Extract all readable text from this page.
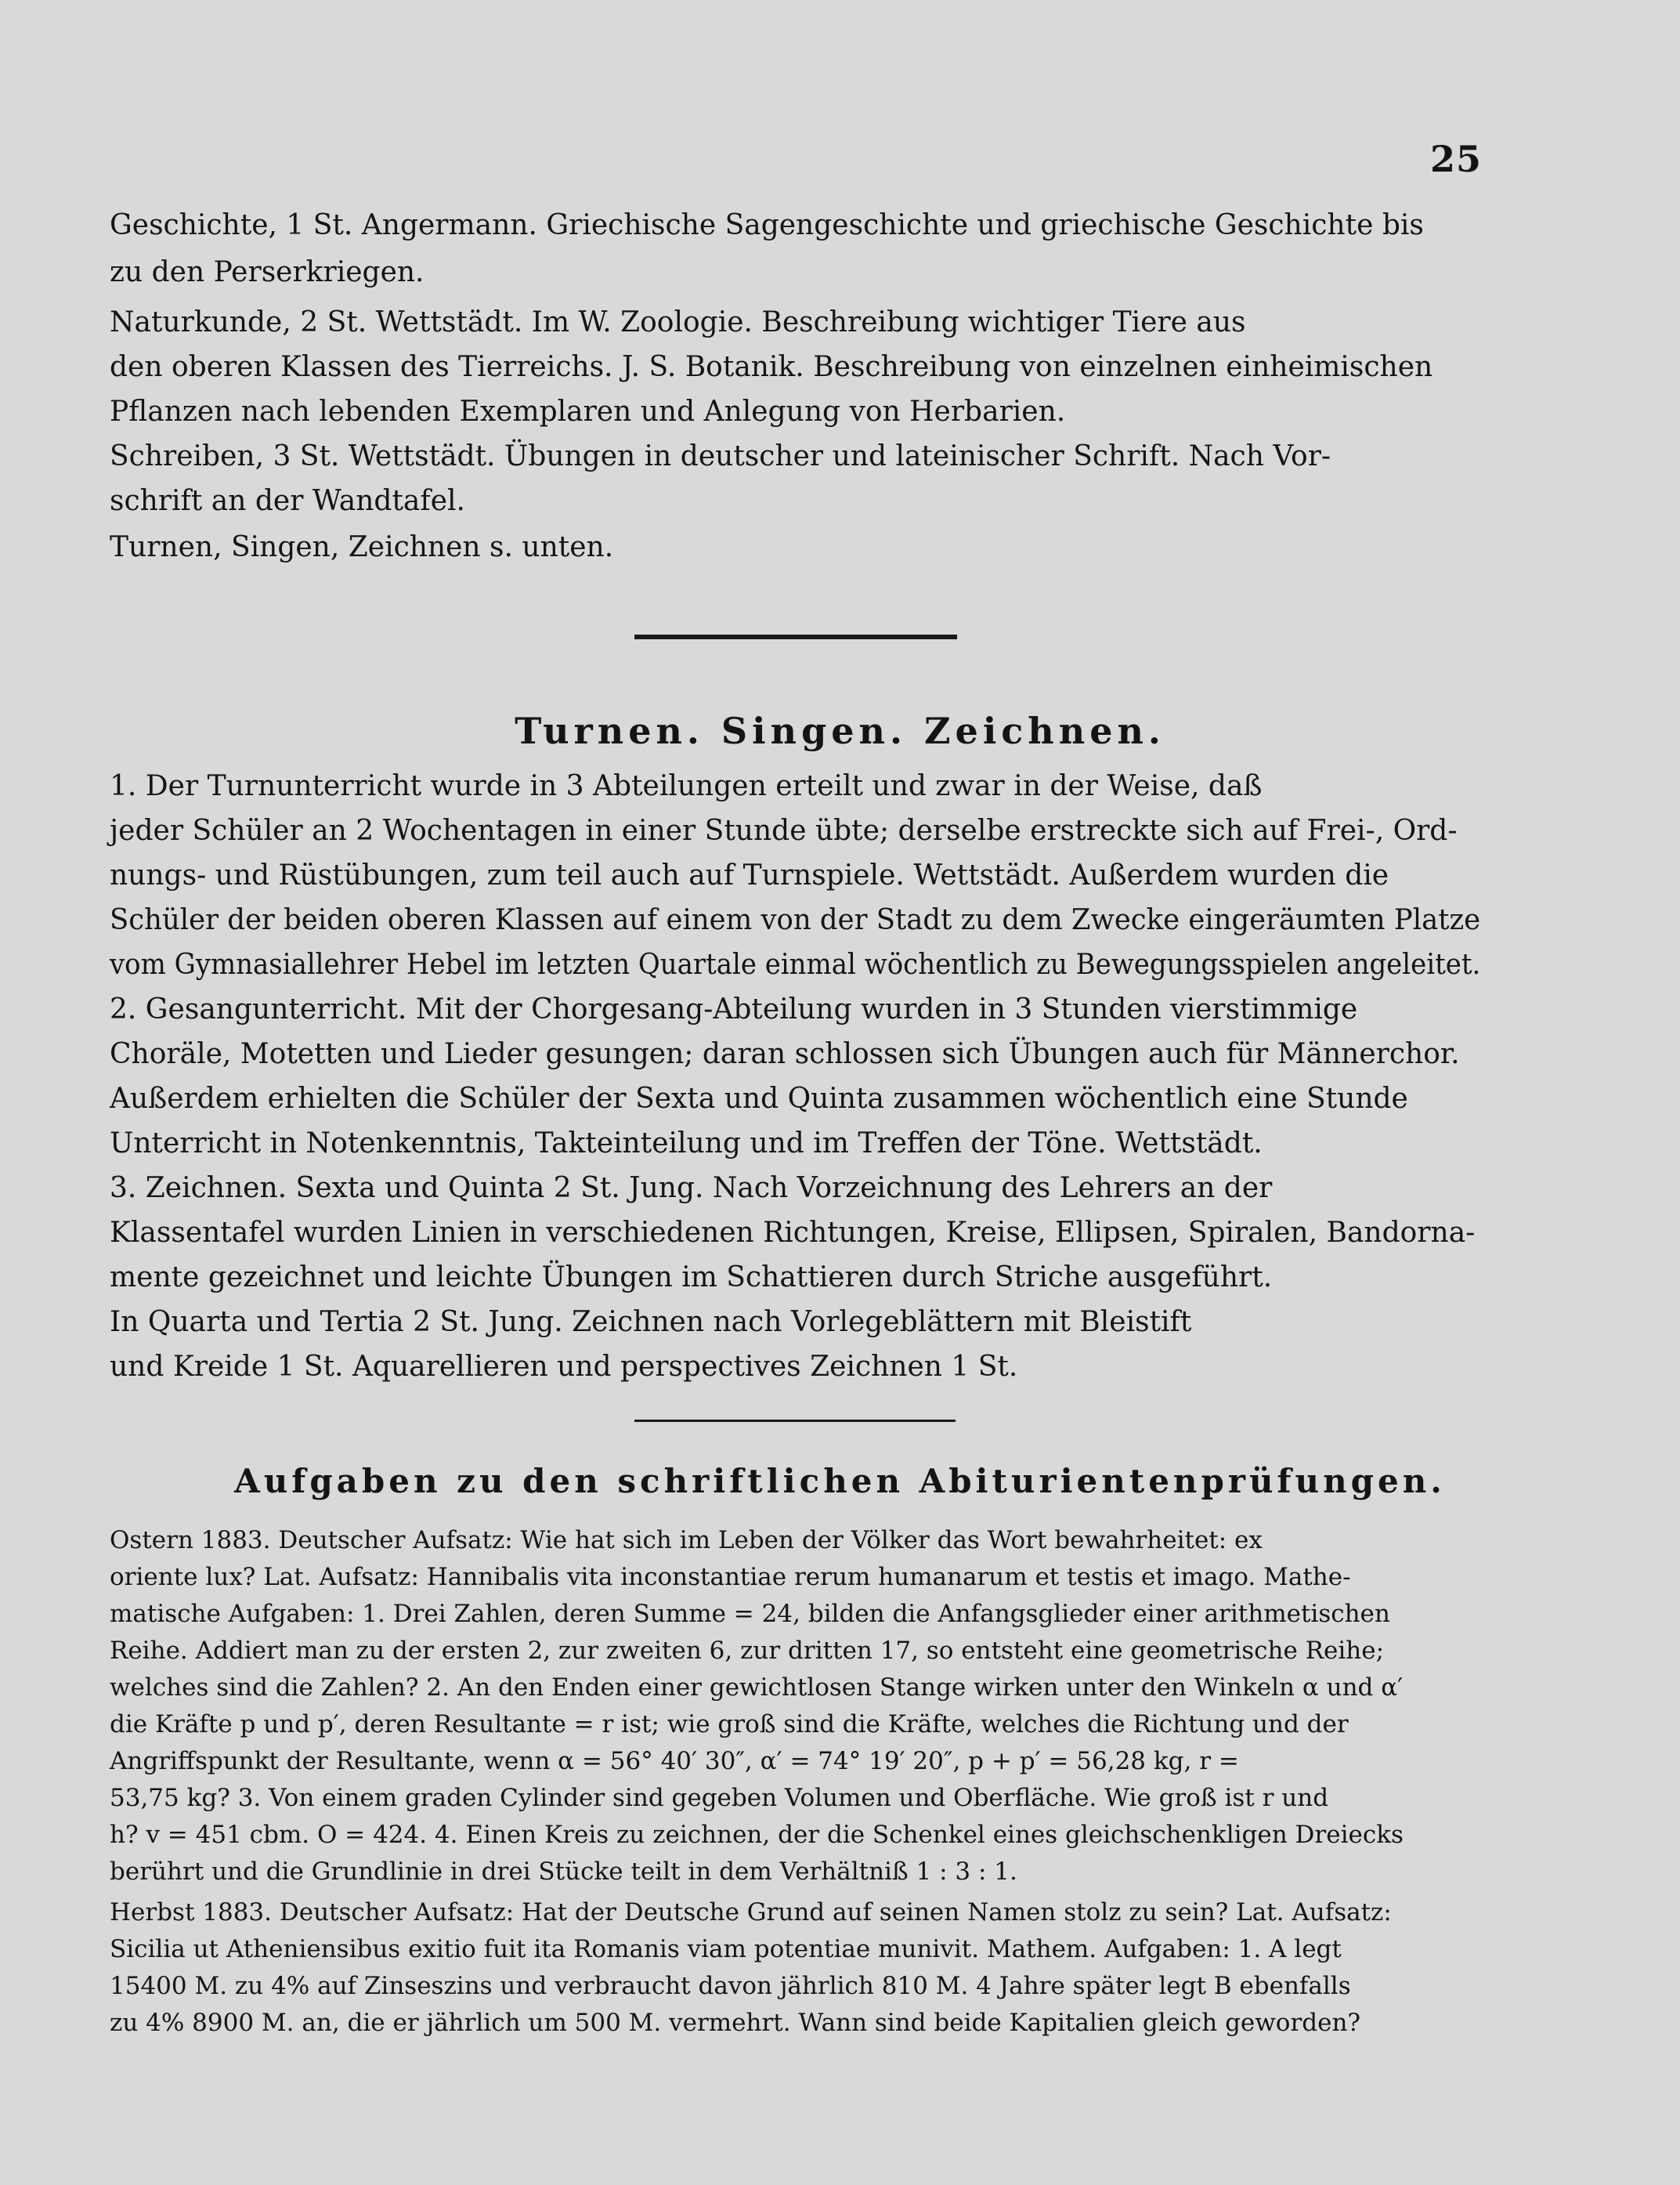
25
Geschichte, 1 St. Angermann. Griechische Sagengeschichte und griechische Geschichte bis
zu den Perserkriegen.
Naturkunde, 2 St. Wettstädt. Im W. Zoologie. Beschreibung wichtiger Tiere aus
den oberen Klassen des Tierreichs. J. S. Botanik. Beschreibung von einzelnen einheimischen
Pflanzen nach lebenden Exemplaren und Anlegung von Herbarien.
Schreiben, 3 St. Wettstädt. Übungen in deutscher und lateinischer Schrift. Nach Vor-
schrift an der Wandtafel.
Turnen, Singen, Zeichnen s. unten.
Turnen. Singen. Zeichnen.
1. Der Turnunterricht wurde in 3 Abteilungen erteilt und zwar in der Weise, daß
jeder Schüler an 2 Wochentagen in einer Stunde übte; derselbe erstreckte sich auf Frei-, Ord-
nungs- und Rüstübungen, zum teil auch auf Turnspiele. Wettstädt. Außerdem wurden die
Schüler der beiden oberen Klassen auf einem von der Stadt zu dem Zwecke eingeräumten Platze
vom Gymnasiallehrer Hebel im letzten Quartale einmal wöchentlich zu Bewegungsspielen angeleitet.
2. Gesangunterricht. Mit der Chorgesang-Abteilung wurden in 3 Stunden vierstimmige
Choräle, Motetten und Lieder gesungen; daran schlossen sich Übungen auch für Männerchor.
Außerdem erhielten die Schüler der Sexta und Quinta zusammen wöchentlich eine Stunde
Unterricht in Notenkenntnis, Takteinteilung und im Treffen der Töne. Wettstädt.
3. Zeichnen. Sexta und Quinta 2 St. Jung. Nach Vorzeichnung des Lehrers an der
Klassentafel wurden Linien in verschiedenen Richtungen, Kreise, Ellipsen, Spiralen, Bandorna-
mente gezeichnet und leichte Übungen im Schattieren durch Striche ausgeführt.
In Quarta und Tertia 2 St. Jung. Zeichnen nach Vorlegeblättern mit Bleistift
und Kreide 1 St. Aquarellieren und perspectives Zeichnen 1 St.
Aufgaben zu den schriftlichen Abiturientenprüfungen.
Ostern 1883. Deutscher Aufsatz: Wie hat sich im Leben der Völker das Wort bewahrheitet: ex
oriente lux? Lat. Aufsatz: Hannibalis vita inconstantiae rerum humanarum et testis et imago. Mathe-
matische Aufgaben: 1. Drei Zahlen, deren Summe = 24, bilden die Anfangsglieder einer arithmetischen
Reihe. Addiert man zu der ersten 2, zur zweiten 6, zur dritten 17, so entsteht eine geometrische Reihe;
welches sind die Zahlen? 2. An den Enden einer gewichtlosen Stange wirken unter den Winkeln α und α′
die Kräfte p und p′, deren Resultante = r ist; wie groß sind die Kräfte, welches die Richtung und der
Angriffspunkt der Resultante, wenn α = 56° 40′ 30″, α′ = 74° 19′ 20″, p + p′ = 56,28 kg, r =
53,75 kg? 3. Von einem graden Cylinder sind gegeben Volumen und Oberfläche. Wie groß ist r und
h? v = 451 cbm. O = 424. 4. Einen Kreis zu zeichnen, der die Schenkel eines gleichschenkligen Dreiecks
berührt und die Grundlinie in drei Stücke teilt in dem Verhältniß 1 : 3 : 1.
Herbst 1883. Deutscher Aufsatz: Hat der Deutsche Grund auf seinen Namen stolz zu sein? Lat. Aufsatz:
Sicilia ut Atheniensibus exitio fuit ita Romanis viam potentiae munivit. Mathem. Aufgaben: 1. A legt
15400 M. zu 4% auf Zinseszins und verbraucht davon jährlich 810 M. 4 Jahre später legt B ebenfalls
zu 4% 8900 M. an, die er jährlich um 500 M. vermehrt. Wann sind beide Kapitalien gleich geworden?
